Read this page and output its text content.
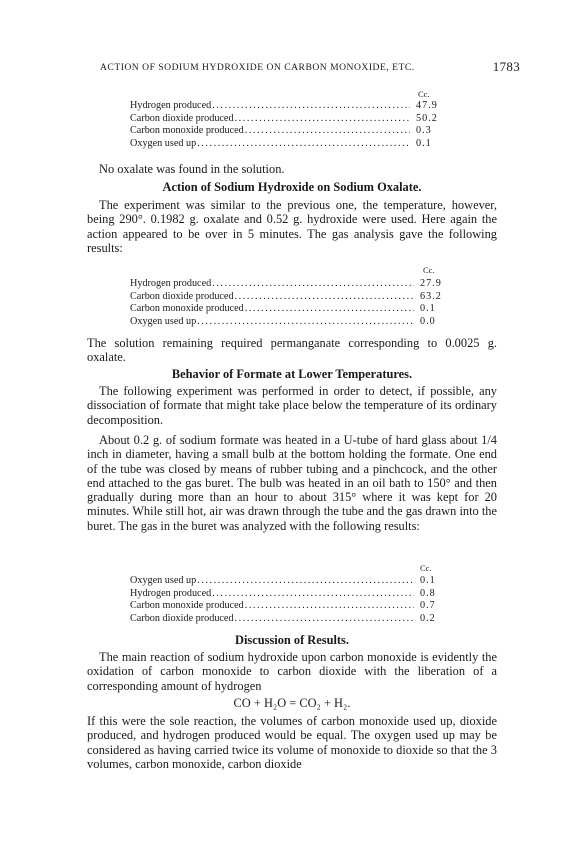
ACTION OF SODIUM HYDROXIDE ON CARBON MONOXIDE, ETC.	1783
Cc.
Hydrogen produced .....	47.9
Carbon dioxide produced .....	50.2
Carbon monoxide produced .....	0.3
Oxygen used up .....	0.1

No oxalate was found in the solution.

Action of Sodium Hydroxide on Sodium Oxalate.

The experiment was similar to the previous one, the temperature, however, being 290°. 0.1982 g. oxalate and 0.52 g. hydroxide were used. Here again the action appeared to be over in 5 minutes. The gas analysis gave the following results:

Cc.
Hydrogen produced .....	27.9
Carbon dioxide produced .....	63.2
Carbon monoxide produced .....	0.1
Oxygen used up .....	0.0

The solution remaining required permanganate corresponding to 0.0025 g. oxalate.

Behavior of Formate at Lower Temperatures.

The following experiment was performed in order to detect, if possible, any dissociation of formate that might take place below the temperature of its ordinary decomposition.

About 0.2 g. of sodium formate was heated in a U-tube of hard glass about 1/4 inch in diameter, having a small bulb at the bottom holding the formate. One end of the tube was closed by means of rubber tubing and a pinchcock, and the other end attached to the gas buret. The bulb was heated in an oil bath to 150° and then gradually during more than an hour to about 315° where it was kept for 20 minutes. While still hot, air was drawn through the tube and the gas drawn into the buret. The gas in the buret was analyzed with the following results:

Cc.
Oxygen used up .....	0.1
Hydrogen produced .....	0.8
Carbon monoxide produced .....	0.7
Carbon dioxide produced .....	0.2

Discussion of Results.

The main reaction of sodium hydroxide upon carbon monoxide is evidently the oxidation of carbon monoxide to carbon dioxide with the liberation of a corresponding amount of hydrogen

CO + H₂O = CO₂ + H₂.

If this were the sole reaction, the volumes of carbon monoxide used up, dioxide produced, and hydrogen produced would be equal. The oxygen used up may be considered as having carried twice its volume of monoxide to dioxide so that the 3 volumes, carbon monoxide, carbon dioxide
